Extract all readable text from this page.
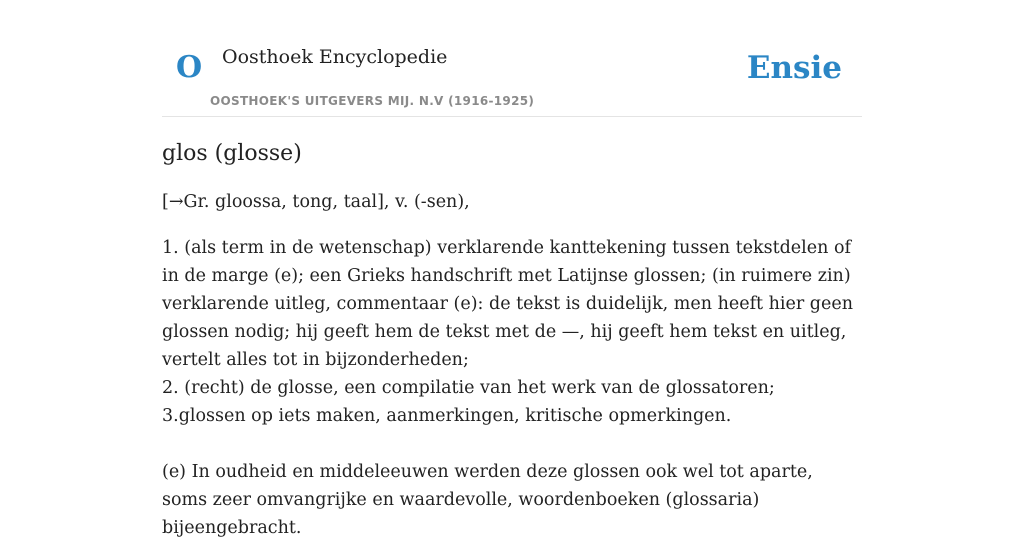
O Oosthoek Encyclopedie
OOSTHOEK'S UITGEVERS MIJ. N.V (1916-1925)
Ensie
glos (glosse)

[→Gr. gloossa, tong, taal], v. (-sen),

1. (als term in de wetenschap) verklarende kanttekening tussen tekstdelen of in de marge (e); een Grieks handschrift met Latijnse glossen; (in ruimere zin) verklarende uitleg, commentaar (e): de tekst is duidelijk, men heeft hier geen glossen nodig; hij geeft hem de tekst met de —, hij geeft hem tekst en uitleg, vertelt alles tot in bijzonderheden;
2. (recht) de glosse, een compilatie van het werk van de glossatoren;
3.glossen op iets maken, aanmerkingen, kritische opmerkingen.

(e) In oudheid en middeleeuwen werden deze glossen ook wel tot aparte, soms zeer omvangrijke en waardevolle, woordenboeken (glossaria) bijeengebracht.
